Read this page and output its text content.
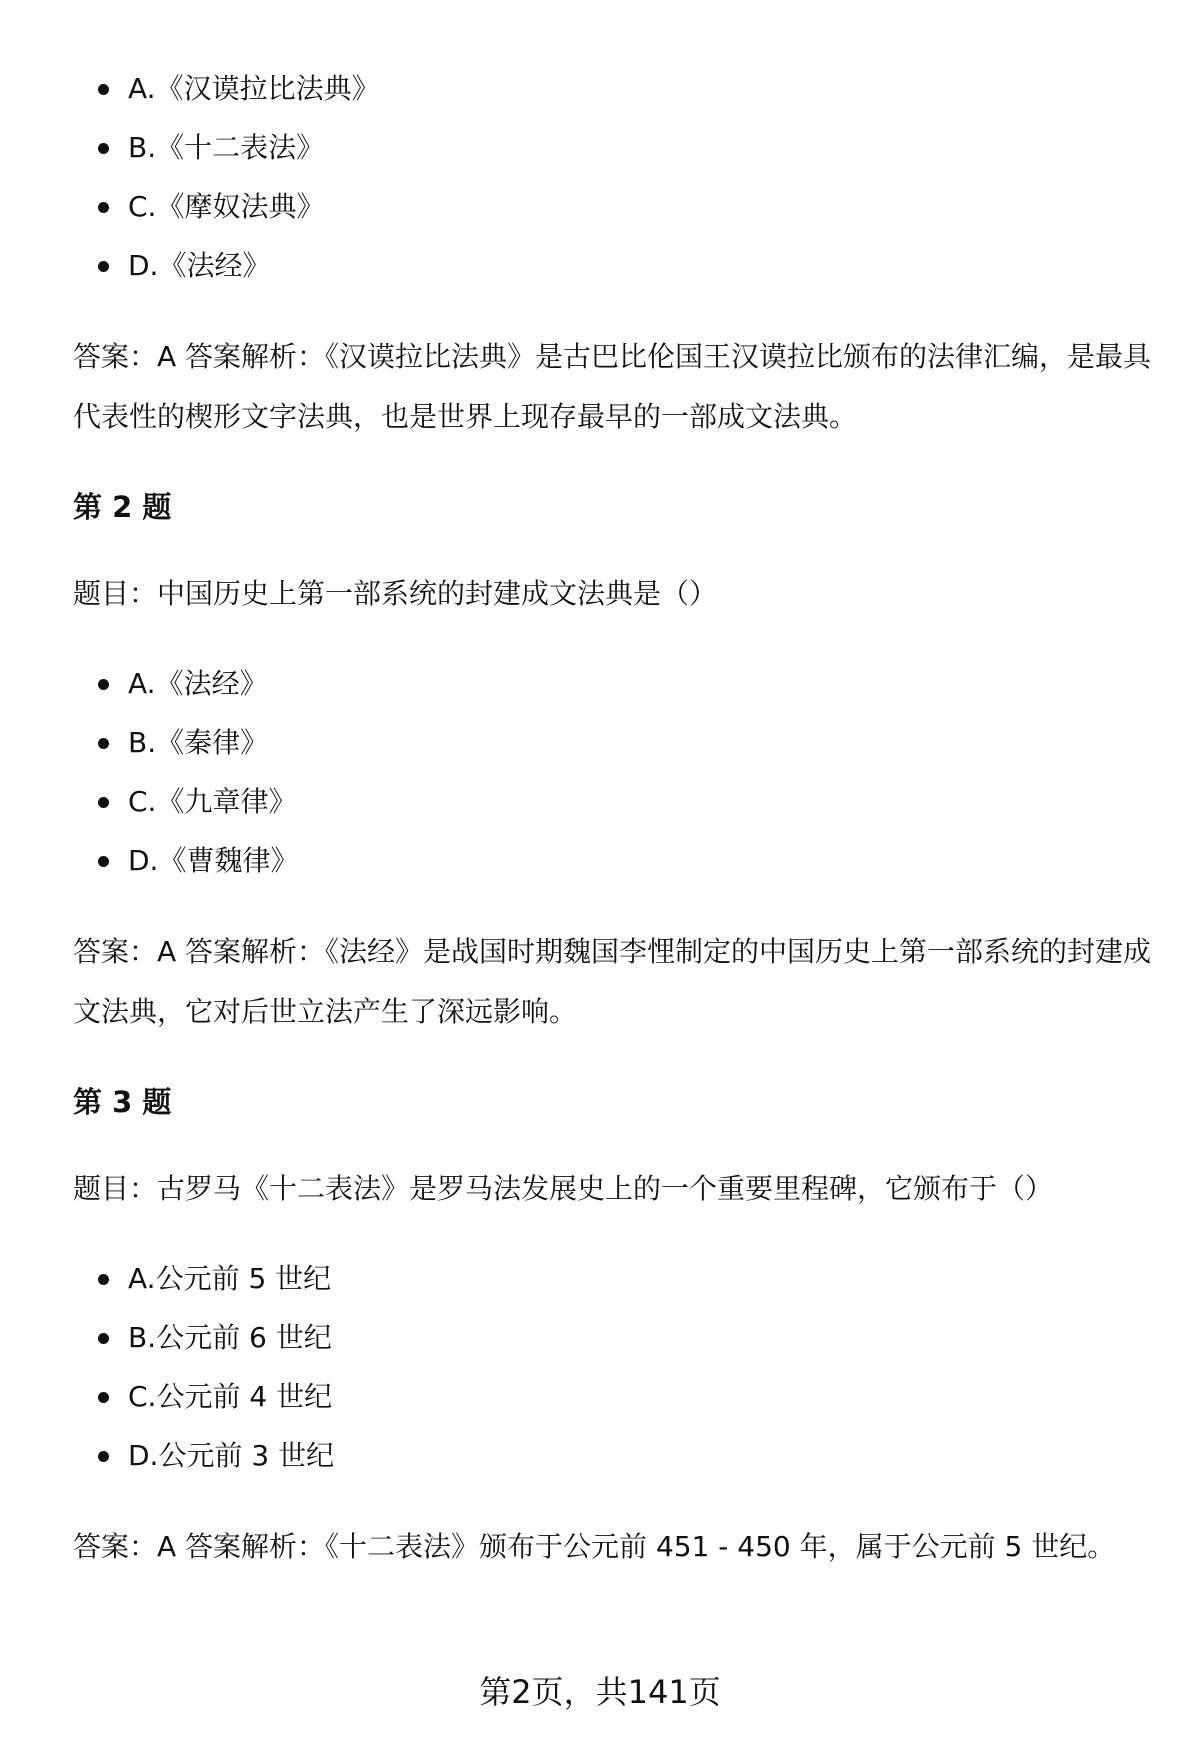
A.《汉谟拉比法典》
B.《十二表法》
C.《摩奴法典》
D.《法经》

答案：A 答案解析：《汉谟拉比法典》是古巴比伦国王汉谟拉比颁布的法律汇编，是最具代表性的楔形文字法典，也是世界上现存最早的一部成文法典。

第 2 题

题目：中国历史上第一部系统的封建成文法典是（）

A.《法经》
B.《秦律》
C.《九章律》
D.《曹魏律》

答案：A 答案解析：《法经》是战国时期魏国李悝制定的中国历史上第一部系统的封建成文法典，它对后世立法产生了深远影响。

第 3 题

题目：古罗马《十二表法》是罗马法发展史上的一个重要里程碑，它颁布于（）

A.公元前 5 世纪
B.公元前 6 世纪
C.公元前 4 世纪
D.公元前 3 世纪

答案：A 答案解析：《十二表法》颁布于公元前 451 - 450 年，属于公元前 5 世纪。

第2页，共141页
